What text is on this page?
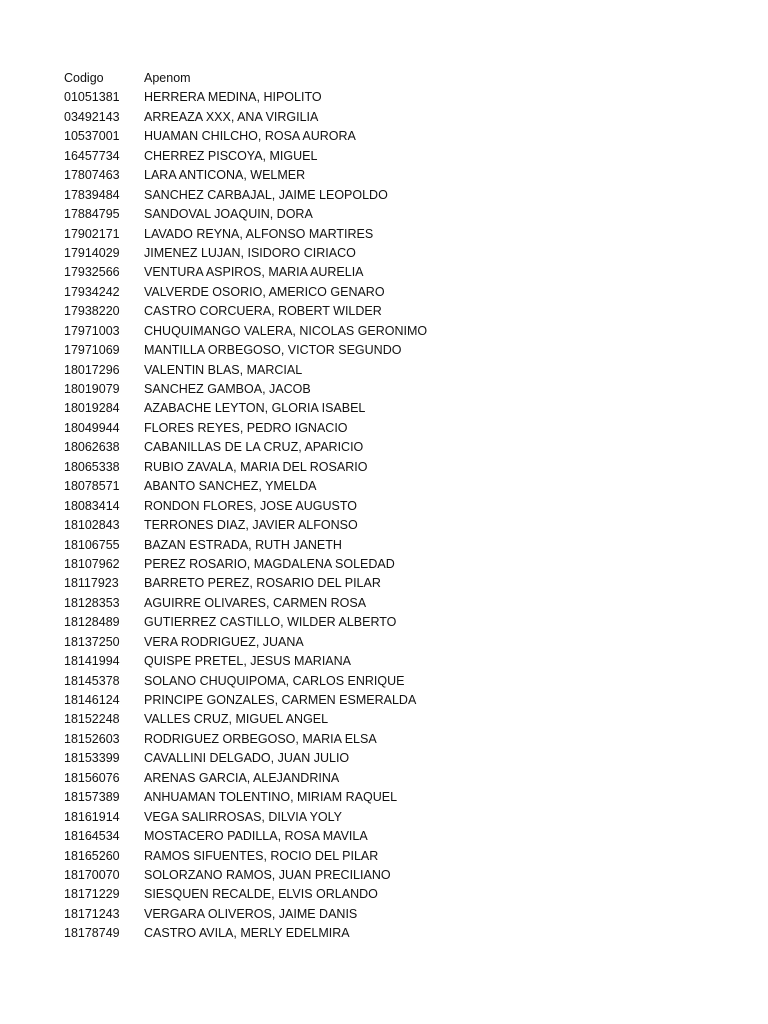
Codigo	Apenom
01051381	HERRERA MEDINA, HIPOLITO
03492143	ARREAZA XXX, ANA VIRGILIA
10537001	HUAMAN CHILCHO, ROSA AURORA
16457734	CHERREZ PISCOYA, MIGUEL
17807463	LARA ANTICONA, WELMER
17839484	SANCHEZ CARBAJAL, JAIME LEOPOLDO
17884795	SANDOVAL JOAQUIN, DORA
17902171	LAVADO REYNA, ALFONSO MARTIRES
17914029	JIMENEZ LUJAN, ISIDORO CIRIACO
17932566	VENTURA ASPIROS, MARIA AURELIA
17934242	VALVERDE OSORIO, AMERICO GENARO
17938220	CASTRO CORCUERA, ROBERT WILDER
17971003	CHUQUIMANGO VALERA, NICOLAS GERONIMO
17971069	MANTILLA ORBEGOSO, VICTOR SEGUNDO
18017296	VALENTIN BLAS, MARCIAL
18019079	SANCHEZ GAMBOA, JACOB
18019284	AZABACHE LEYTON, GLORIA ISABEL
18049944	FLORES REYES, PEDRO IGNACIO
18062638	CABANILLAS DE LA CRUZ, APARICIO
18065338	RUBIO ZAVALA, MARIA DEL ROSARIO
18078571	ABANTO SANCHEZ, YMELDA
18083414	RONDON FLORES, JOSE AUGUSTO
18102843	TERRONES DIAZ, JAVIER ALFONSO
18106755	BAZAN ESTRADA, RUTH JANETH
18107962	PEREZ ROSARIO, MAGDALENA SOLEDAD
18117923	BARRETO PEREZ, ROSARIO DEL PILAR
18128353	AGUIRRE OLIVARES, CARMEN ROSA
18128489	GUTIERREZ CASTILLO, WILDER ALBERTO
18137250	VERA RODRIGUEZ, JUANA
18141994	QUISPE PRETEL, JESUS MARIANA
18145378	SOLANO CHUQUIPOMA, CARLOS ENRIQUE
18146124	PRINCIPE GONZALES, CARMEN ESMERALDA
18152248	VALLES CRUZ, MIGUEL ANGEL
18152603	RODRIGUEZ ORBEGOSO, MARIA ELSA
18153399	CAVALLINI DELGADO, JUAN JULIO
18156076	ARENAS GARCIA, ALEJANDRINA
18157389	ANHUAMAN TOLENTINO, MIRIAM RAQUEL
18161914	VEGA SALIRROSAS, DILVIA YOLY
18164534	MOSTACERO PADILLA, ROSA MAVILA
18165260	RAMOS SIFUENTES, ROCIO DEL PILAR
18170070	SOLORZANO RAMOS, JUAN PRECILIANO
18171229	SIESQUEN RECALDE, ELVIS ORLANDO
18171243	VERGARA OLIVEROS, JAIME DANIS
18178749	CASTRO AVILA, MERLY EDELMIRA
